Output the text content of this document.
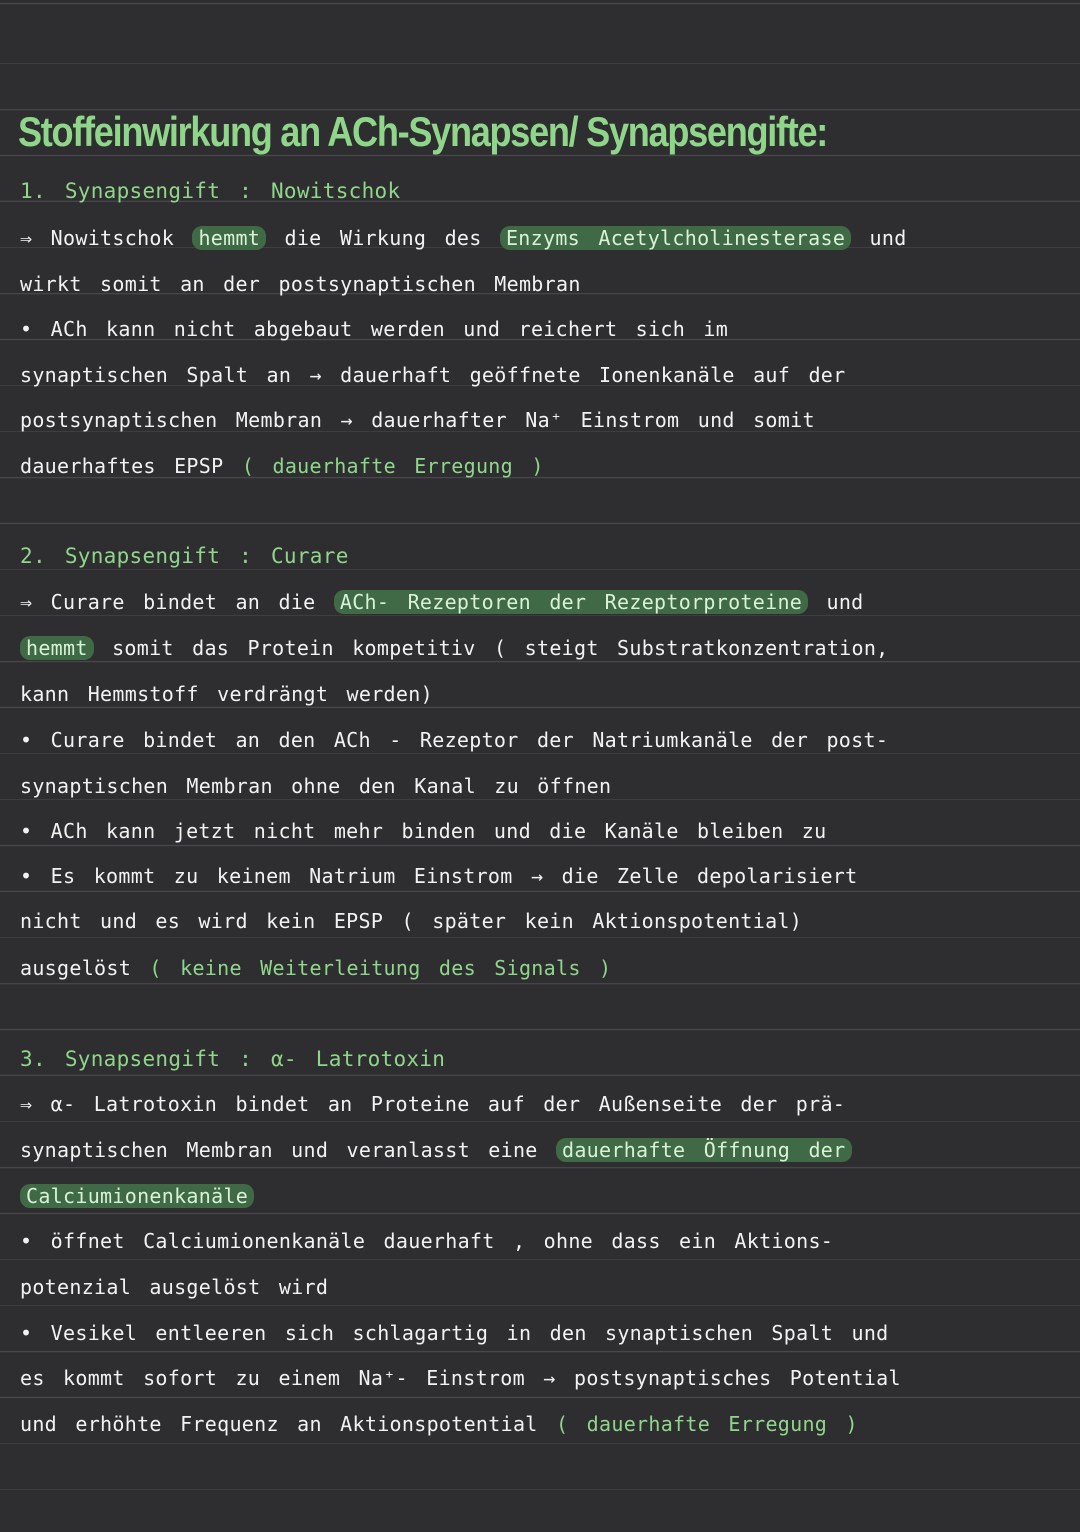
Stoffeinwirkung an ACh-Synapsen/ Synapsengifte:
1. Synapsengift : Nowitschok
⇒ Nowitschok hemmt die Wirkung des Enzyms Acetylcholinesterase und
wirkt somit an der postsynaptischen Membran
• ACh kann nicht abgebaut werden und reichert sich im
synaptischen Spalt an → dauerhaft geöffnete Ionenkanäle auf der
postsynaptischen Membran → dauerhafter Na⁺ Einstrom und somit
dauerhaftes EPSP ( dauerhafte Erregung )
2. Synapsengift : Curare
⇒ Curare bindet an die ACh- Rezeptoren der Rezeptorproteine und
hemmt somit das Protein kompetitiv ( steigt Substratkonzentration,
kann Hemmstoff verdrängt werden)
• Curare bindet an den ACh - Rezeptor der Natriumkanäle der post-
synaptischen Membran ohne den Kanal zu öffnen
• ACh kann jetzt nicht mehr binden und die Kanäle bleiben zu
• Es kommt zu keinem Natrium Einstrom → die Zelle depolarisiert
nicht und es wird kein EPSP ( später kein Aktionspotential)
ausgelöst ( keine Weiterleitung des Signals )
3. Synapsengift : α- Latrotoxin
⇒ α- Latrotoxin bindet an Proteine auf der Außenseite der prä-
synaptischen Membran und veranlasst eine dauerhafte Öffnung der
Calciumionenkanäle
• öffnet Calciumionenkanäle dauerhaft , ohne dass ein Aktions-
potenzial ausgelöst wird
• Vesikel entleeren sich schlagartig in den synaptischen Spalt und
es kommt sofort zu einem Na⁺- Einstrom → postsynaptisches Potential
und erhöhte Frequenz an Aktionspotential ( dauerhafte Erregung )
